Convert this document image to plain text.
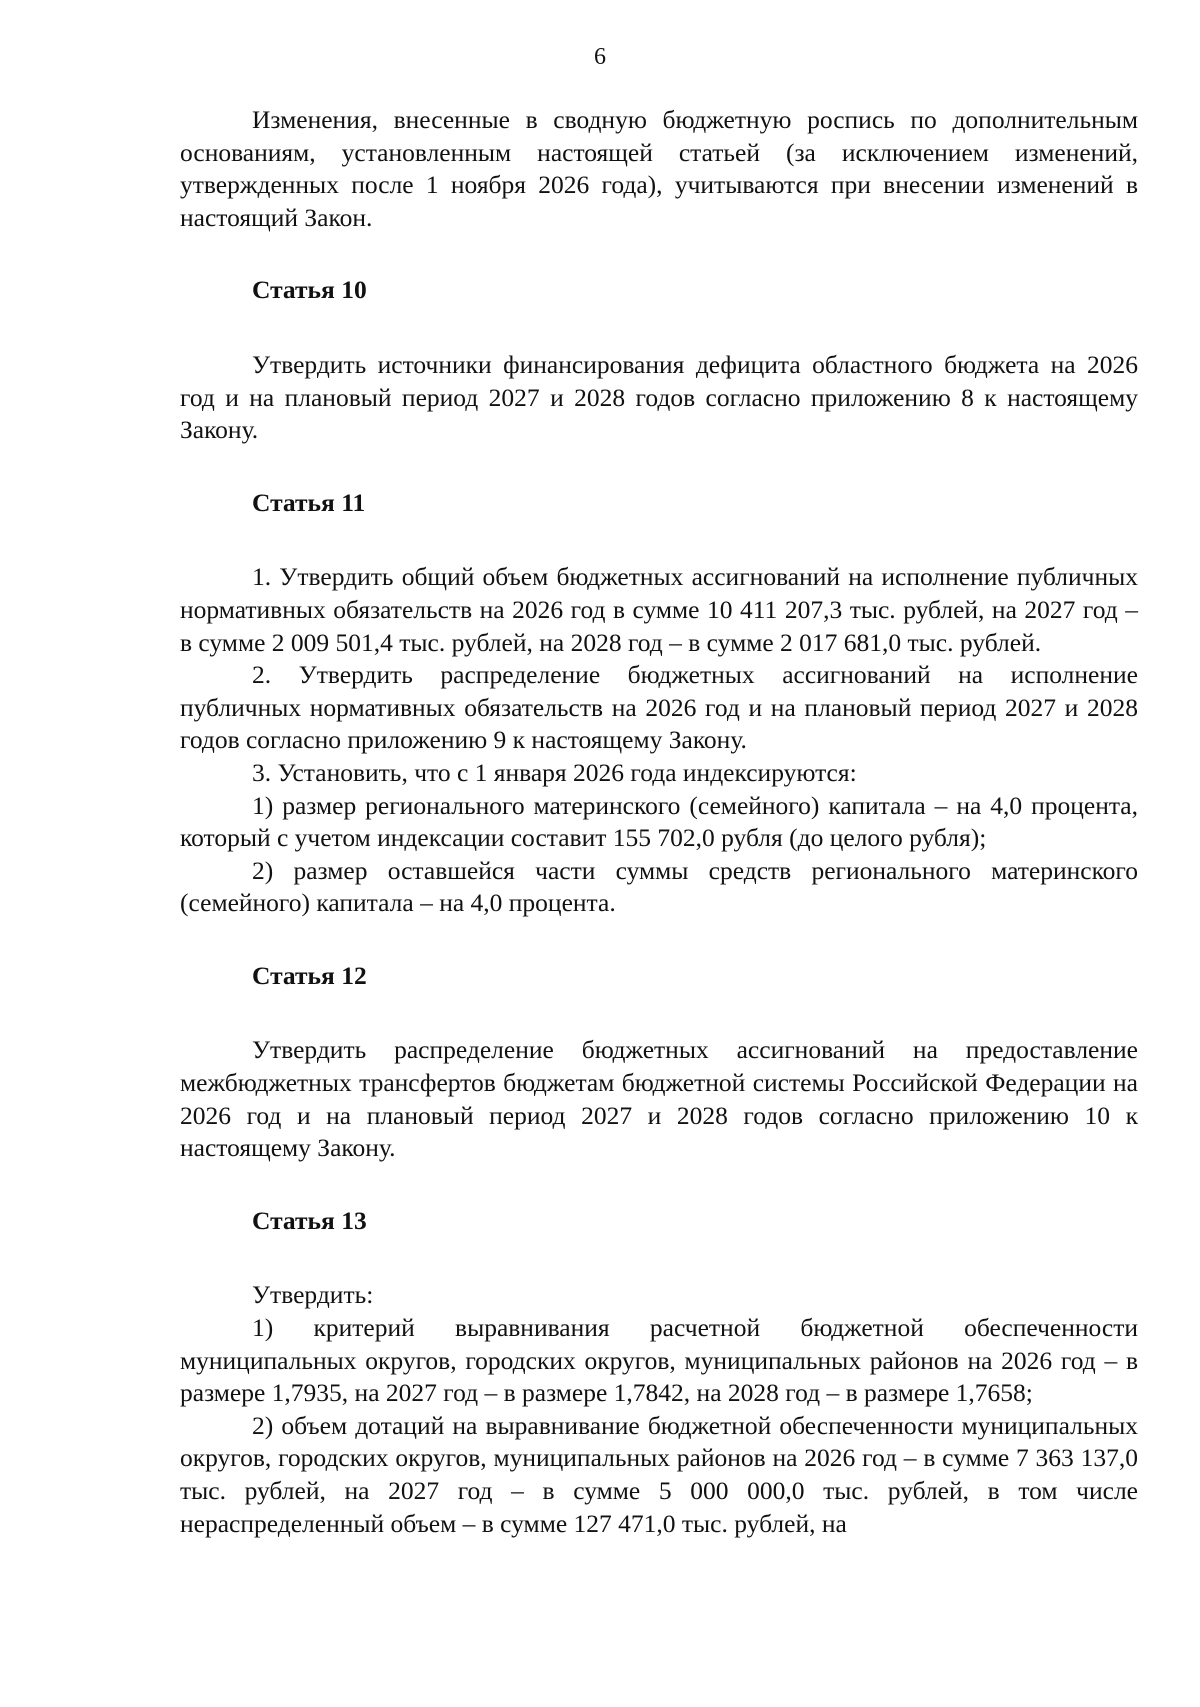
6

Изменения, внесенные в сводную бюджетную роспись по дополнительным основаниям, установленным настоящей статьей (за исключением изменений, утвержденных после 1 ноября 2026 года), учитываются при внесении изменений в настоящий Закон.

Статья 10

Утвердить источники финансирования дефицита областного бюджета на 2026 год и на плановый период 2027 и 2028 годов согласно приложению 8 к настоящему Закону.

Статья 11

1. Утвердить общий объем бюджетных ассигнований на исполнение публичных нормативных обязательств на 2026 год в сумме 10 411 207,3 тыс. рублей, на 2027 год – в сумме 2 009 501,4 тыс. рублей, на 2028 год – в сумме 2 017 681,0 тыс. рублей.

2. Утвердить распределение бюджетных ассигнований на исполнение публичных нормативных обязательств на 2026 год и на плановый период 2027 и 2028 годов согласно приложению 9 к настоящему Закону.

3. Установить, что с 1 января 2026 года индексируются:

1) размер регионального материнского (семейного) капитала – на 4,0 процента, который с учетом индексации составит 155 702,0 рубля (до целого рубля);

2) размер оставшейся части суммы средств регионального материнского (семейного) капитала – на 4,0 процента.

Статья 12

Утвердить распределение бюджетных ассигнований на предоставление межбюджетных трансфертов бюджетам бюджетной системы Российской Федерации на 2026 год и на плановый период 2027 и 2028 годов согласно приложению 10 к настоящему Закону.

Статья 13

Утвердить:

1) критерий выравнивания расчетной бюджетной обеспеченности муниципальных округов, городских округов, муниципальных районов на 2026 год – в размере 1,7935, на 2027 год – в размере 1,7842, на 2028 год – в размере 1,7658;

2) объем дотаций на выравнивание бюджетной обеспеченности муниципальных округов, городских округов, муниципальных районов на 2026 год – в сумме 7 363 137,0 тыс. рублей, на 2027 год – в сумме 5 000 000,0 тыс. рублей, в том числе нераспределенный объем – в сумме 127 471,0 тыс. рублей, на
